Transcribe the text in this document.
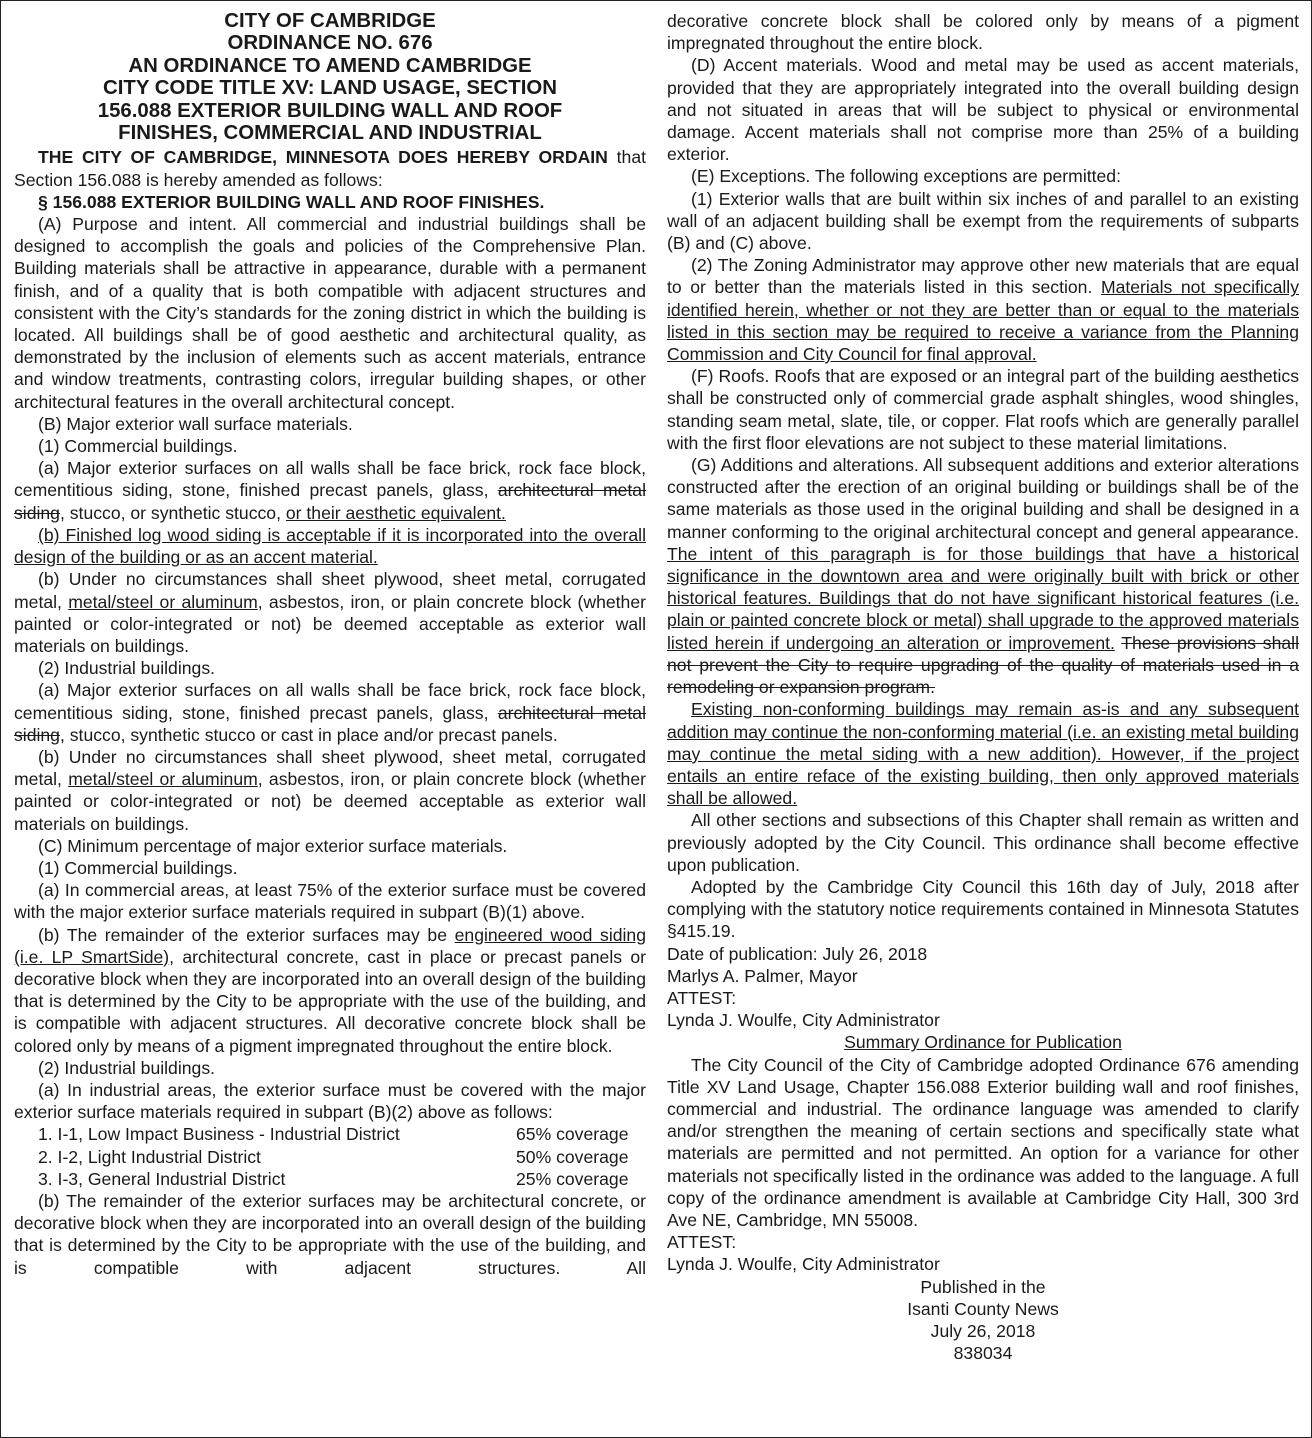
CITY OF CAMBRIDGE
ORDINANCE NO. 676
AN ORDINANCE TO AMEND CAMBRIDGE
CITY CODE TITLE XV: LAND USAGE, SECTION
156.088 EXTERIOR BUILDING WALL AND ROOF
FINISHES, COMMERCIAL AND INDUSTRIAL

THE CITY OF CAMBRIDGE, MINNESOTA DOES HEREBY ORDAIN that Section 156.088 is hereby amended as follows:

§ 156.088 EXTERIOR BUILDING WALL AND ROOF FINISHES.

(A) Purpose and intent. All commercial and industrial buildings shall be designed to accomplish the goals and policies of the Comprehensive Plan. Building materials shall be attractive in appearance, durable with a permanent finish, and of a quality that is both compatible with adjacent structures and consistent with the City’s standards for the zoning district in which the building is located. All buildings shall be of good aesthetic and architectural quality, as demonstrated by the inclusion of elements such as accent materials, entrance and window treatments, contrasting colors, irregular building shapes, or other architectural features in the overall architectural concept.

(B) Major exterior wall surface materials.

(1) Commercial buildings.

(a) Major exterior surfaces on all walls shall be face brick, rock face block, cementitious siding, stone, finished precast panels, glass, architectural metal siding, stucco, or synthetic stucco, or their aesthetic equivalent.

(b) Finished log wood siding is acceptable if it is incorporated into the overall design of the building or as an accent material.

(b) Under no circumstances shall sheet plywood, sheet metal, corrugated metal, metal/steel or aluminum, asbestos, iron, or plain concrete block (whether painted or color-integrated or not) be deemed acceptable as exterior wall materials on buildings.

(2) Industrial buildings.

(a) Major exterior surfaces on all walls shall be face brick, rock face block, cementitious siding, stone, finished precast panels, glass, architectural metal siding, stucco, synthetic stucco or cast in place and/or precast panels.

(b) Under no circumstances shall sheet plywood, sheet metal, corrugated metal, metal/steel or aluminum, asbestos, iron, or plain concrete block (whether painted or color-integrated or not) be deemed acceptable as exterior wall materials on buildings.

(C) Minimum percentage of major exterior surface materials.

(1) Commercial buildings.

(a) In commercial areas, at least 75% of the exterior surface must be covered with the major exterior surface materials required in subpart (B)(1) above.

(b) The remainder of the exterior surfaces may be engineered wood siding (i.e. LP SmartSide), architectural concrete, cast in place or precast panels or decorative block when they are incorporated into an overall design of the building that is determined by the City to be appropriate with the use of the building, and is compatible with adjacent structures. All decorative concrete block shall be colored only by means of a pigment impregnated throughout the entire block.

(2) Industrial buildings.

(a) In industrial areas, the exterior surface must be covered with the major exterior surface materials required in subpart (B)(2) above as follows:

1. I-1, Low Impact Business - Industrial District	65% coverage
2. I-2, Light Industrial District	50% coverage
3. I-3, General Industrial District	25% coverage

(b) The remainder of the exterior surfaces may be architectural concrete, or decorative block when they are incorporated into an overall design of the building that is determined by the City to be appropriate with the use of the building, and is compatible with adjacent structures. All

decorative concrete block shall be colored only by means of a pigment impregnated throughout the entire block.

(D) Accent materials. Wood and metal may be used as accent materials, provided that they are appropriately integrated into the overall building design and not situated in areas that will be subject to physical or environmental damage. Accent materials shall not comprise more than 25% of a building exterior.

(E) Exceptions. The following exceptions are permitted:

(1) Exterior walls that are built within six inches of and parallel to an existing wall of an adjacent building shall be exempt from the requirements of subparts (B) and (C) above.

(2) The Zoning Administrator may approve other new materials that are equal to or better than the materials listed in this section. Materials not specifically identified herein, whether or not they are better than or equal to the materials listed in this section may be required to receive a variance from the Planning Commission and City Council for final approval.

(F) Roofs. Roofs that are exposed or an integral part of the building aesthetics shall be constructed only of commercial grade asphalt shingles, wood shingles, standing seam metal, slate, tile, or copper. Flat roofs which are generally parallel with the first floor elevations are not subject to these material limitations.

(G) Additions and alterations. All subsequent additions and exterior alterations constructed after the erection of an original building or buildings shall be of the same materials as those used in the original building and shall be designed in a manner conforming to the original architectural concept and general appearance. The intent of this paragraph is for those buildings that have a historical significance in the downtown area and were originally built with brick or other historical features. Buildings that do not have significant historical features (i.e. plain or painted concrete block or metal) shall upgrade to the approved materials listed herein if undergoing an alteration or improvement. These provisions shall not prevent the City to require upgrading of the quality of materials used in a remodeling or expansion program.

Existing non-conforming buildings may remain as-is and any subsequent addition may continue the non-conforming material (i.e. an existing metal building may continue the metal siding with a new addition). However, if the project entails an entire reface of the existing building, then only approved materials shall be allowed.

All other sections and subsections of this Chapter shall remain as written and previously adopted by the City Council. This ordinance shall become effective upon publication.

Adopted by the Cambridge City Council this 16th day of July, 2018 after complying with the statutory notice requirements contained in Minnesota Statutes §415.19.

Date of publication: July 26, 2018

Marlys A. Palmer, Mayor

ATTEST:

Lynda J. Woulfe, City Administrator

Summary Ordinance for Publication

The City Council of the City of Cambridge adopted Ordinance 676 amending Title XV Land Usage, Chapter 156.088 Exterior building wall and roof finishes, commercial and industrial. The ordinance language was amended to clarify and/or strengthen the meaning of certain sections and specifically state what materials are permitted and not permitted. An option for a variance for other materials not specifically listed in the ordinance was added to the language. A full copy of the ordinance amendment is available at Cambridge City Hall, 300 3rd Ave NE, Cambridge, MN 55008.

ATTEST:

Lynda J. Woulfe, City Administrator

Published in the
Isanti County News
July 26, 2018
838034
